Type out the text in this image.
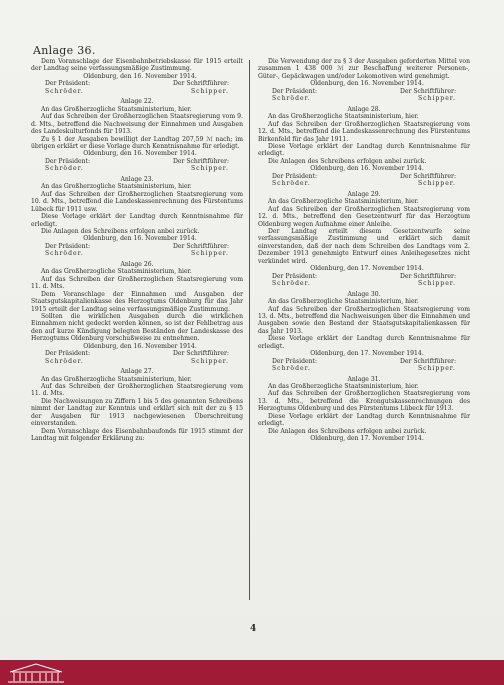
Anlage 36.

Dem Voranschlage der Eisenbahnbetriebskasse für 1915 erteilt der Landtag seine verfassungsmäßige Zustimmung.

Oldenburg, den 16. November 1914.

Der Präsident:	Der Schriftführer:
Schröder.	Schipper.

Anlage 22.

An das Großherzogliche Staatsministerium, hier.

Auf das Schreiben der Großherzoglichen Staatsregierung vom 9. d. Mts., betreffend die Nachweisung der Einnahmen und Ausgaben des Landeskulturfonds für 1913.

Zu § 1 der Ausgaben bewilligt der Landtag 207,59 ℳ nach; im übrigen erklärt er diese Vorlage durch Kenntnisnahme für erledigt.

Oldenburg, den 16. November 1914.

Der Präsident:	Der Schriftführer:
Schröder.	Schipper.

Anlage 23.

An das Großherzogliche Staatsministerium, hier.

Auf das Schreiben der Großherzoglichen Staatsregierung vom 10. d. Mts., betreffend die Landeskassenrechnung des Fürstentums Lübeck für 1911 usw.

Diese Vorlage erklärt der Landtag durch Kenntnisnahme für erledigt.

Die Anlagen des Schreibens erfolgen anbei zurück.

Oldenburg, den 16. November 1914.

Der Präsident:	Der Schriftführer:
Schröder.	Schipper.

Anlage 26.

An das Großherzogliche Staatsministerium, hier.

Auf das Schreiben der Großherzoglichen Staatsregierung vom 11. d. Mts.

Dem Voranschlage der Einnahmen und Ausgaben der Staatsgutskapitalienkasse des Herzogtums Oldenburg für das Jahr 1915 erteilt der Landtag seine verfassungsmäßige Zustimmung.

Sollten die wirklichen Ausgaben durch die wirklichen Einnahmen nicht gedeckt werden können, so ist der Fehlbetrag aus den auf kurze Kündigung belegten Beständen der Landeskasse des Herzogtums Oldenburg vorschußweise zu entnehmen.

Oldenburg, den 16. November 1914.

Der Präsident:	Der Schriftführer:
Schröder.	Schipper.

Anlage 27.

An das Großherzogliche Staatsministerium, hier.

Auf das Schreiben der Großherzoglichen Staatsregierung vom 11. d. Mts.

Die Nachweisungen zu Ziffern 1 bis 5 des genannten Schreibens nimmt der Landtag zur Kenntnis und erklärt sich mit der zu § 15 der Ausgaben für 1913 nachgewiesenen Überschreitung einverstanden.

Dem Voranschlage des Eisenbahnbaufonds für 1915 stimmt der Landtag mit folgender Erklärung zu:

Die Verwendung der zu § 3 der Ausgaben geforderten Mittel von zusammen 1 438 000 ℳ zur Beschaffung weiterer Personen-, Güter-, Gepäckwagen und/oder Lokomotiven wird genehmigt.

Oldenburg, den 16. November 1914.

Der Präsident:	Der Schriftführer:
Schröder.	Schipper.

Anlage 28.

An das Großherzogliche Staatsministerium, hier.

Auf das Schreiben der Großherzoglichen Staatsregierung vom 12. d. Mts., betreffend die Landeskassenrechnung des Fürstentums Birkenfeld für das Jahr 1911.

Diese Vorlage erklärt der Landtag durch Kenntnisnahme für erledigt.

Die Anlagen des Schreibens erfolgen anbei zurück.

Oldenburg, den 16. November 1914.

Der Präsident:	Der Schriftführer:
Schröder.	Schipper.

Anlage 29.

An das Großherzogliche Staatsministerium, hier.

Auf das Schreiben der Großherzoglichen Staatsregierung vom 12. d. Mts., betreffend den Gesetzentwurf für das Herzogtum Oldenburg wegen Aufnahme einer Anleihe.

Der Landtag erteilt diesem Gesetzentwurfe seine verfassungsmäßige Zustimmung und erklärt sich damit einverstanden, daß der nach dem Schreiben des Landtags vom 2. Dezember 1913 genehmigte Entwurf eines Anleihegesetzes nicht verkündet wird.

Oldenburg, den 17. November 1914.

Der Präsident:	Der Schriftführer:
Schröder.	Schipper.

Anlage 30.

An das Großherzogliche Staatsministerium, hier.

Auf das Schreiben der Großherzoglichen Staatsregierung vom 13. d. Mts., betreffend die Nachweisungen über die Einnahmen und Ausgaben sowie den Bestand der Staatsgutskapitalienkassen für das Jahr 1913.

Diese Vorlage erklärt der Landtag durch Kenntnisnahme für erledigt.

Oldenburg, den 17. November 1914.

Der Präsident:	Der Schriftführer:
Schröder.	Schipper.

Anlage 31.

An das Großherzogliche Staatsministerium, hier.

Auf das Schreiben der Großherzoglichen Staatsregierung vom 13. d. Mts., betreffend die Krongutskassenrechnungen des Herzogtums Oldenburg und des Fürstentums Lübeck für 1913.

Diese Vorlage erklärt der Landtag durch Kenntnisnahme für erledigt.

Die Anlagen des Schreibens erfolgen anbei zurück.

Oldenburg, den 17. November 1914.

4
